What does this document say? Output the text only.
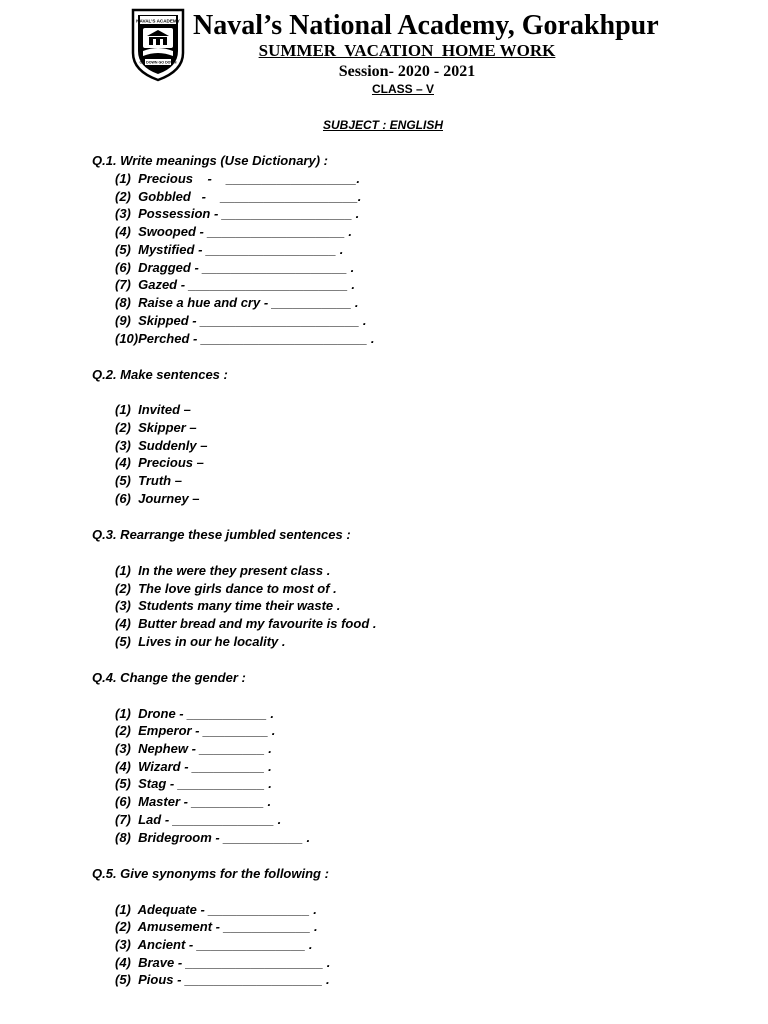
NAVAL'S ACADEMY
GO DOWN GO DOWN
Naval’s National Academy, Gorakhpur
SUMMER  VACATION  HOME WORK
Session- 2020 - 2021
CLASS – V
SUBJECT : ENGLISH
Q.1. Write meanings (Use Dictionary) :
(1)  Precious    -    __________________.
(2)  Gobbled   -    ___________________.
(3)  Possession - __________________ .
(4)  Swooped - ___________________ .
(5)  Mystified - __________________ .
(6)  Dragged - ____________________ .
(7)  Gazed - ______________________ .
(8)  Raise a hue and cry - ___________ .
(9)  Skipped - ______________________ .
(10)Perched - _______________________ .
Q.2. Make sentences :
(1)  Invited –
(2)  Skipper –
(3)  Suddenly –
(4)  Precious –
(5)  Truth –
(6)  Journey –
Q.3. Rearrange these jumbled sentences :
(1)  In the were they present class .
(2)  The love girls dance to most of .
(3)  Students many time their waste .
(4)  Butter bread and my favourite is food .
(5)  Lives in our he locality .
Q.4. Change the gender :
(1)  Drone - ___________ .
(2)  Emperor - _________ .
(3)  Nephew - _________ .
(4)  Wizard - __________ .
(5)  Stag - ____________ .
(6)  Master - __________ .
(7)  Lad - ______________ .
(8)  Bridegroom - ___________ .
Q.5. Give synonyms for the following :
(1)  Adequate - ______________ .
(2)  Amusement - ____________ .
(3)  Ancient - _______________ .
(4)  Brave - ___________________ .
(5)  Pious - ___________________ .
